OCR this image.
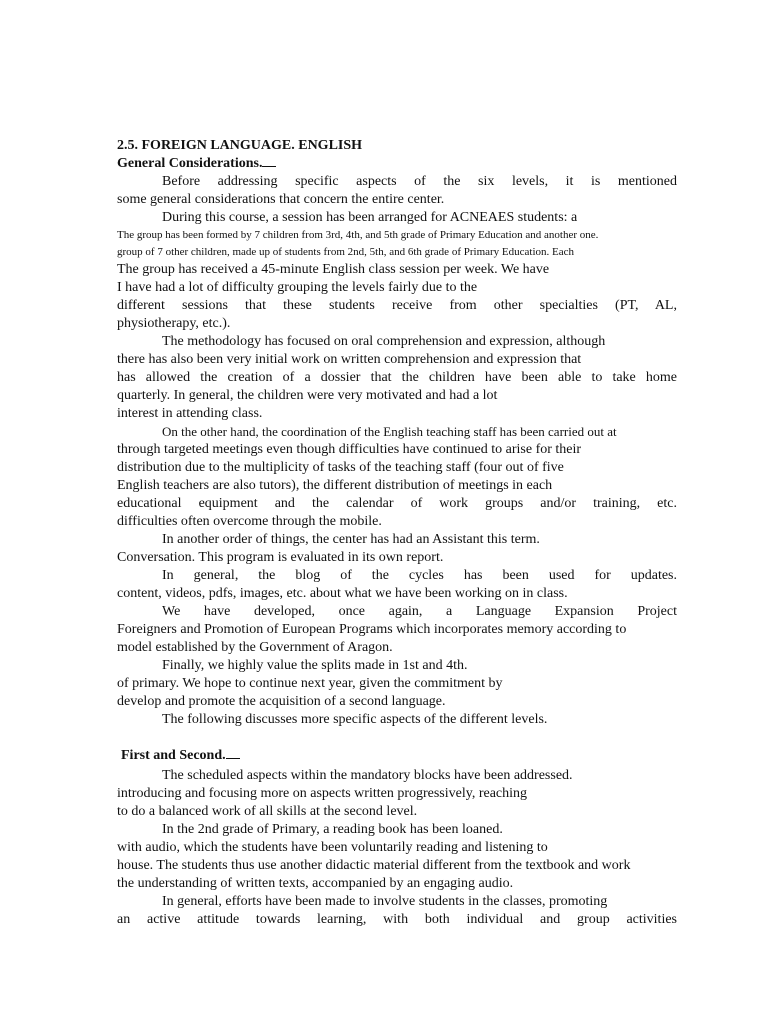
2.5. FOREIGN LANGUAGE. ENGLISH

General Considerations.

Before addressing specific aspects of the six levels, it is mentioned

some general considerations that concern the entire center.

During this course, a session has been arranged for ACNEAES students: a

The group has been formed by 7 children from 3rd, 4th, and 5th grade of Primary Education and another one.

group of 7 other children, made up of students from 2nd, 5th, and 6th grade of Primary Education. Each

The group has received a 45-minute English class session per week. We have

I have had a lot of difficulty grouping the levels fairly due to the

different sessions that these students receive from other specialties (PT, AL,

physiotherapy, etc.).

The methodology has focused on oral comprehension and expression, although

there has also been very initial work on written comprehension and expression that

has allowed the creation of a dossier that the children have been able to take home

quarterly. In general, the children were very motivated and had a lot

interest in attending class.

On the other hand, the coordination of the English teaching staff has been carried out at

through targeted meetings even though difficulties have continued to arise for their

distribution due to the multiplicity of tasks of the teaching staff (four out of five

English teachers are also tutors), the different distribution of meetings in each

educational equipment and the calendar of work groups and/or training, etc.

difficulties often overcome through the mobile.

In another order of things, the center has had an Assistant this term.

Conversation. This program is evaluated in its own report.

In general, the blog of the cycles has been used for updates.

content, videos, pdfs, images, etc. about what we have been working on in class.

We have developed, once again, a Language Expansion Project

Foreigners and Promotion of European Programs which incorporates memory according to

model established by the Government of Aragon.

Finally, we highly value the splits made in 1st and 4th.

of primary. We hope to continue next year, given the commitment by

develop and promote the acquisition of a second language.

The following discusses more specific aspects of the different levels.

First and Second.

The scheduled aspects within the mandatory blocks have been addressed.

introducing and focusing more on aspects written progressively, reaching

to do a balanced work of all skills at the second level.

In the 2nd grade of Primary, a reading book has been loaned.

with audio, which the students have been voluntarily reading and listening to

house. The students thus use another didactic material different from the textbook and work

the understanding of written texts, accompanied by an engaging audio.

In general, efforts have been made to involve students in the classes, promoting

an active attitude towards learning, with both individual and group activities
